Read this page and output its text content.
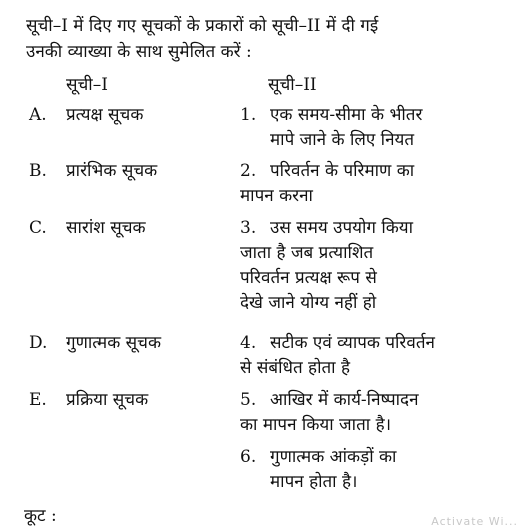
सूची–I में दिए गए सूचकों के प्रकारों को सूची–II में दी गई
उनकी व्याख्या के साथ सुमेलित करें :
सूची–I	सूची–II
A. प्रत्यक्ष सूचक
B. प्रारंभिक सूचक
C. सारांश सूचक
D. गुणात्मक सूचक
E. प्रक्रिया सूचक
1. एक समय-सीमा के भीतर
मापे जाने के लिए नियत
2. परिवर्तन के परिमाण का
मापन करना
3. उस समय उपयोग किया
जाता है जब प्रत्याशित
परिवर्तन प्रत्यक्ष रूप से
देखे जाने योग्य नहीं हो
4. सटीक एवं व्यापक परिवर्तन
से संबंधित होता है
5. आखिर में कार्य-निष्पादन
का मापन किया जाता है।
6. गुणात्मक आंकड़ों का
मापन होता है।
कूट :	Activate Wi...
